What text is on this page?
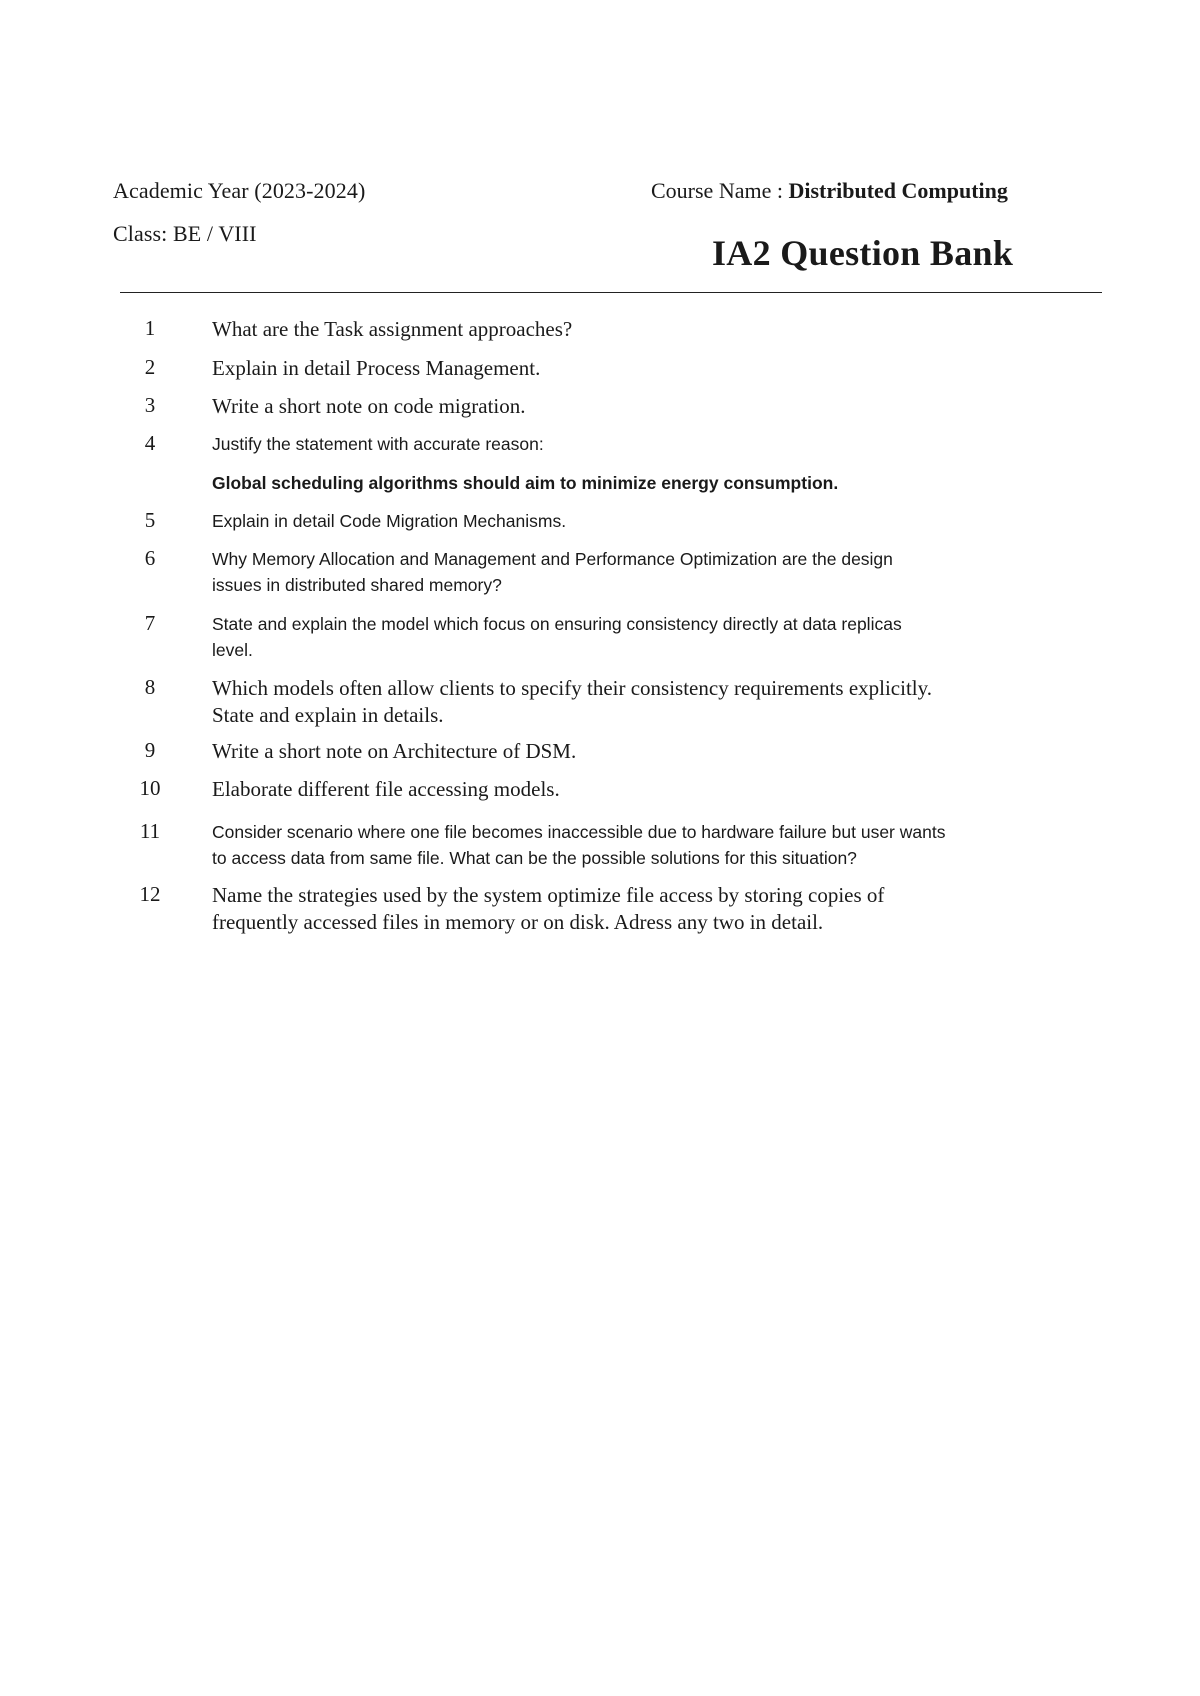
Academic Year (2023-2024)
Class: BE / VIII
Course Name : Distributed Computing
IA2 Question Bank
1	What are the Task assignment approaches?
2	Explain in detail Process Management.
3	Write a short note on code migration.
4	Justify the statement with accurate reason:
Global scheduling algorithms should aim to minimize energy consumption.
5	Explain in detail Code Migration Mechanisms.
6	Why Memory Allocation and Management and Performance Optimization are the design
issues in distributed shared memory?
7	State and explain the model which focus on ensuring consistency directly at data replicas
level.
8	Which models often allow clients to specify their consistency requirements explicitly.
State and explain in details.
9	Write a short note on Architecture of DSM.
10	Elaborate different file accessing models.
11	Consider scenario where one file becomes inaccessible due to hardware failure but user wants
to access data from same file. What can be the possible solutions for this situation?
12	Name the strategies used by the system optimize file access by storing copies of
frequently accessed files in memory or on disk. Adress any two in detail.
